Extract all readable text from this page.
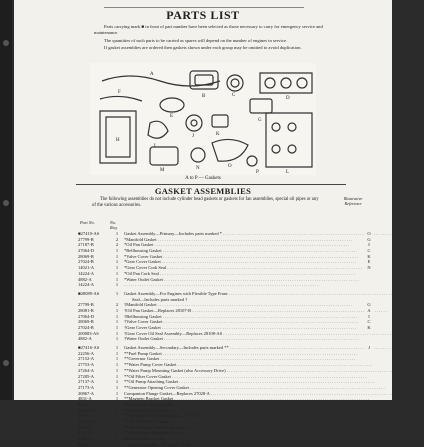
PARTS LIST

Parts carrying mark ■ in front of part number have been selected as those necessary to carry for emergency service and maintenance.

The quantities of such parts to be carried as spares will depend on the number of engines in service.

If gasket assemblies are ordered then gaskets shown under each group may be omitted to avoid duplication.

A
B	C
D
E
F
G
H
I
J	K
L
M	N	O
P
A to P — Gaskets
GASKET ASSEMBLIES

The following assemblies do not include cylinder head gaskets or gaskets for fan assemblies, special oil pipes or any of the various accessories.

Illustrative Reference
Part No.	No. Req.
■27410-AS	1	Gasket Assembly—Primary—Includes parts marked * . . .	O
27799-B	2	*Manifold Gasket . . .	G
27187-B	2	*Oil Pan Gasket . . .	I
27064-D	1	*Bellhousing Gasket . . .	C
28069-B	1	*Valve Cover Gasket . . .	K
27024-B	1	*Gear Cover Gasket . . .	E
14021-A	1	*Gear Cover Cork Seal . . .	N
14224-A	1	*Oil Pan Cork Seal . . .
4882-A	1	*Water Outlet Gasket . . .
14224-A	1
. . .
■28089-AS	1	Gasket Assembly—For Engines with Flexible Type Front . . .
Seal—Includes parts marked †
27799-B	2	†Manifold Gasket . . .	G
28081-B	1	†Oil Pan Gasket—Replaces 28107-B . . .	A
27064-D	1	†Bellhousing Gasket . . .	I
28069-B	1	†Valve Cover Gasket . . .	C
27024-B	1	†Gear Cover Gasket . . .	K
200083-AS	1	†Gear Cover Oil Seal Assembly—Replaces 28108-AS . . .
4882-A	1	†Water Outlet Gasket . . .
■27416-AS	1	Gasket Assembly—Secondary—Includes parts marked ** . . .	J
22256-A	1	**Fuel Pump Gasket . . .
27152-A	1	**Governor Gasket . . .
27753-A	1	**Water Pump Cover Gasket . . .
27264-A	1	**Water Pump Mounting Gasket (also Accessory Drive) . . .
27285-A	1	**Oil Filter Cover Gasket . . .
27137-A	1	**Oil Pump Attaching Gasket . . .
27173-A	1	**Generator Opening Cover Gasket . . .
20867-A	1	Companion Flange Gasket—Replaces 27028-A . . .
4831-A	1	**Magneto Bracket Gasket . . .
86-A	1	**Water Inlet Pipe Gasket . . .
26839-A	1	**Governor Body Gasket . . .
86-A	1	**Governor Valve Box Gasket—1" SAE . . .
27240-A	1	**Oil Filter Shell Gasket . . .
8575-A	1	**Oil Filtration Drain Plug Gasket . . .
27241-A	1	**Oil Pressure Regulator Gasket . . .
4882-A	1	Accessory Drive Cork . . .
4602-A	1	Carburetor Gasket—¾" and ⅝" SAE . . .
